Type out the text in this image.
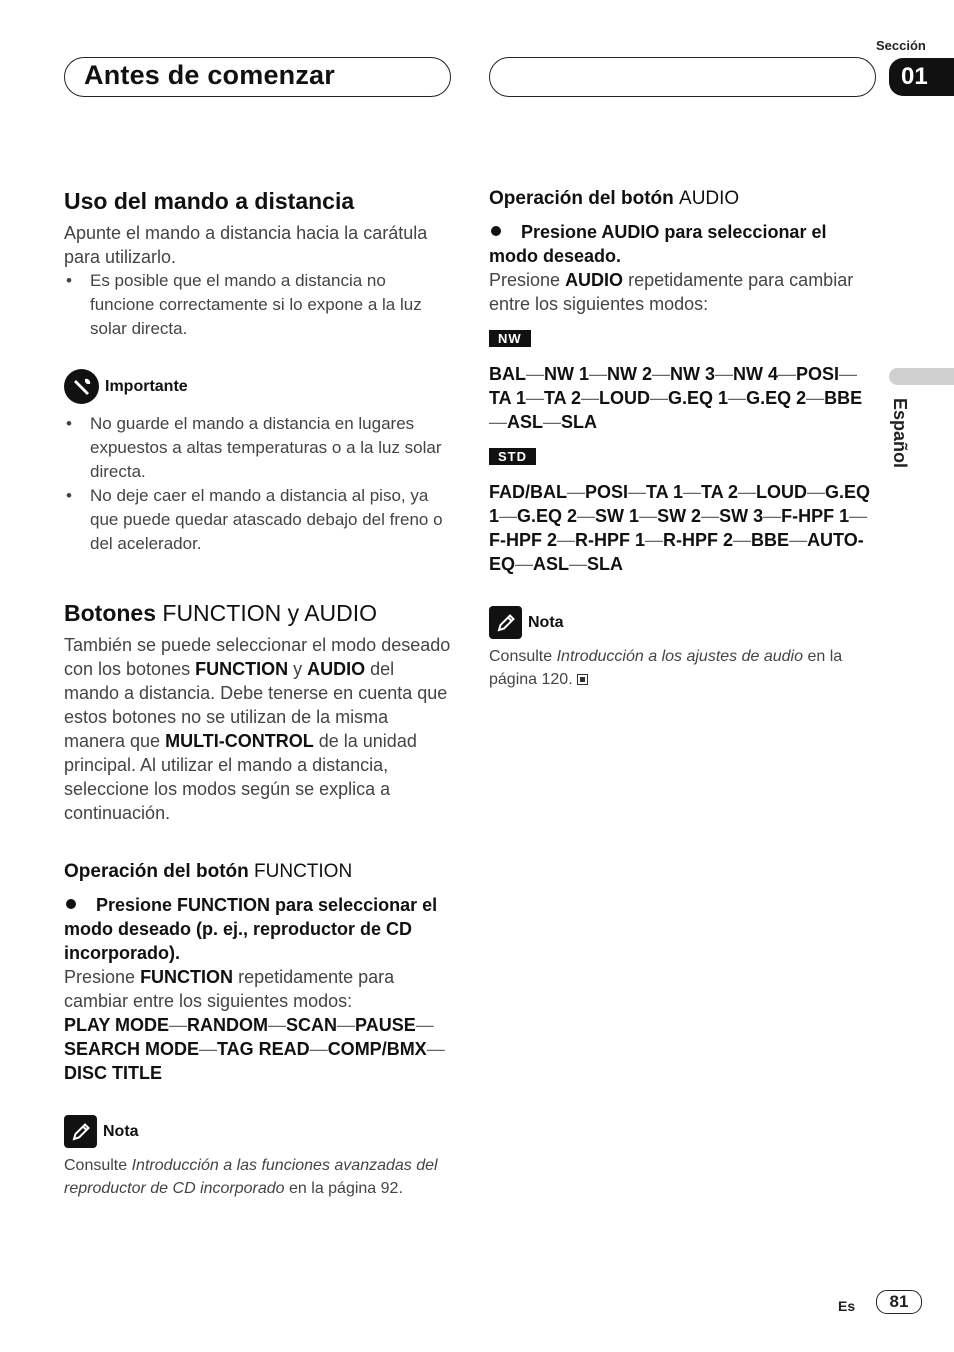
Antes de comenzar
Sección
01
Español
Uso del mando a distancia

Apunte el mando a distancia hacia la carátula para utilizarlo.

• Es posible que el mando a distancia no funcione correctamente si lo expone a la luz solar directa.
Importante
• No guarde el mando a distancia en lugares expuestos a altas temperaturas o a la luz solar directa.
• No deje caer el mando a distancia al piso, ya que puede quedar atascado debajo del freno o del acelerador.
Botones FUNCTION y AUDIO

También se puede seleccionar el modo deseado con los botones FUNCTION y AUDIO del mando a distancia. Debe tenerse en cuenta que estos botones no se utilizan de la misma manera que MULTI-CONTROL de la unidad principal. Al utilizar el mando a distancia, seleccione los modos según se explica a continuación.

Operación del botón FUNCTION
Presione FUNCTION para seleccionar el modo deseado (p. ej., reproductor de CD incorporado).

Presione FUNCTION repetidamente para cambiar entre los siguientes modos:

PLAY MODE—RANDOM—SCAN—PAUSE—SEARCH MODE—TAG READ—COMP/BMX—DISC TITLE
Nota
Consulte Introducción a las funciones avanzadas del reproductor de CD incorporado en la página 92.
Operación del botón AUDIO
Presione AUDIO para seleccionar el modo deseado.

Presione AUDIO repetidamente para cambiar entre los siguientes modos:

NW
BAL—NW 1—NW 2—NW 3—NW 4—POSI—TA 1—TA 2—LOUD—G.EQ 1—G.EQ 2—BBE—ASL—SLA
STD
FAD/BAL—POSI—TA 1—TA 2—LOUD—G.EQ 1—G.EQ 2—SW 1—SW 2—SW 3—F-HPF 1—F-HPF 2—R-HPF 1—R-HPF 2—BBE—AUTO-EQ—ASL—SLA
Nota
Consulte Introducción a los ajustes de audio en la página 120.
Es	81
